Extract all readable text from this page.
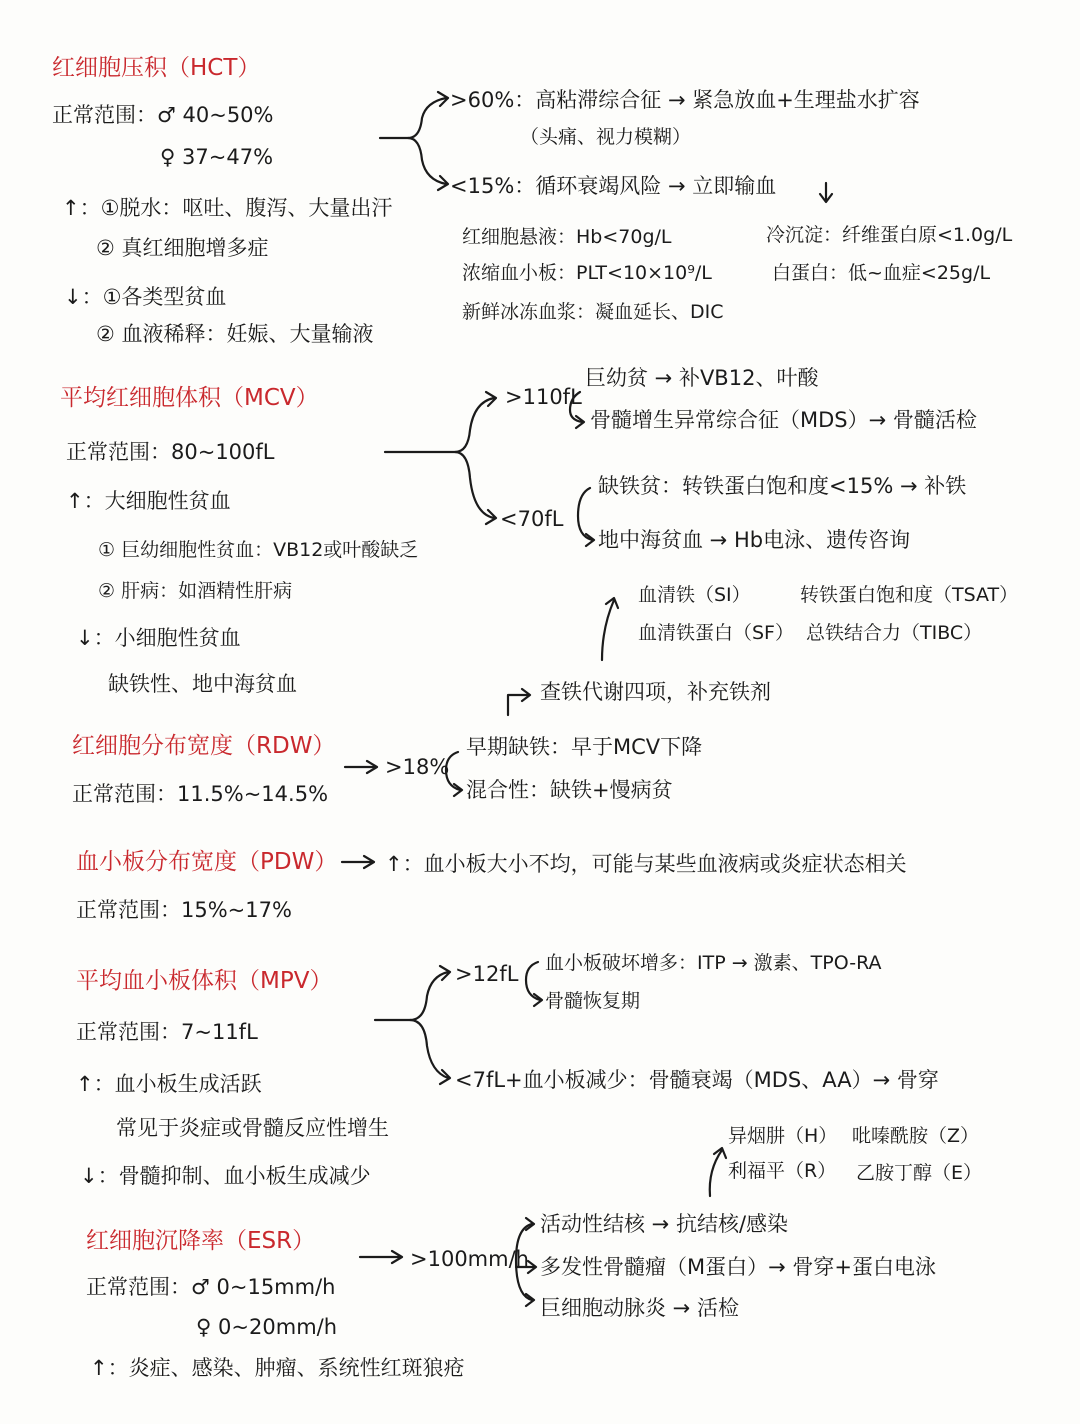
红细胞压积（HCT）
正常范围：♂ 40~50%
♀ 37~47%
↑：①脱水：呕吐、腹泻、大量出汗
② 真红细胞增多症
↓：①各类型贫血
② 血液稀释：妊娠、大量输液
>60%：高粘滞综合征 → 紧急放血+生理盐水扩容
（头痛、视力模糊）
<15%：循环衰竭风险 → 立即输血
红细胞悬液：Hb<70g/L	冷沉淀：纤维蛋白原<1.0g/L
浓缩血小板：PLT<10×10⁹/L	白蛋白：低~血症<25g/L
新鲜冰冻血浆：凝血延长、DIC
平均红细胞体积（MCV）
正常范围：80~100fL
↑：大细胞性贫血
① 巨幼细胞性贫血：VB12或叶酸缺乏
② 肝病：如酒精性肝病
↓：小细胞性贫血
缺铁性、地中海贫血
>110fL
巨幼贫 → 补VB12、叶酸
骨髓增生异常综合征（MDS）→ 骨髓活检
<70fL
缺铁贫：转铁蛋白饱和度<15% → 补铁
地中海贫血 → Hb电泳、遗传咨询
血清铁（SI）	转铁蛋白饱和度（TSAT）
血清铁蛋白（SF） 总铁结合力（TIBC）
查铁代谢四项，补充铁剂
红细胞分布宽度（RDW）
正常范围：11.5%~14.5%
>18%
早期缺铁：早于MCV下降
混合性：缺铁+慢病贫
血小板分布宽度（PDW）
正常范围：15%~17%
↑：血小板大小不均，可能与某些血液病或炎症状态相关
平均血小板体积（MPV）
正常范围：7~11fL
↑：血小板生成活跃
常见于炎症或骨髓反应性增生
↓：骨髓抑制、血小板生成减少
>12fL 血小板破坏增多：ITP → 激素、TPO-RA
骨髓恢复期
<7fL+血小板减少：骨髓衰竭（MDS、AA）→ 骨穿
红细胞沉降率（ESR）
正常范围：♂ 0~15mm/h
♀ 0~20mm/h
↑：炎症、感染、肿瘤、系统性红斑狼疮
>100mm/h
活动性结核 → 抗结核/感染
多发性骨髓瘤（M蛋白）→ 骨穿+蛋白电泳
巨细胞动脉炎 → 活检
异烟肼（H） 吡嗪酰胺（Z）
利福平（R） 乙胺丁醇（E）
